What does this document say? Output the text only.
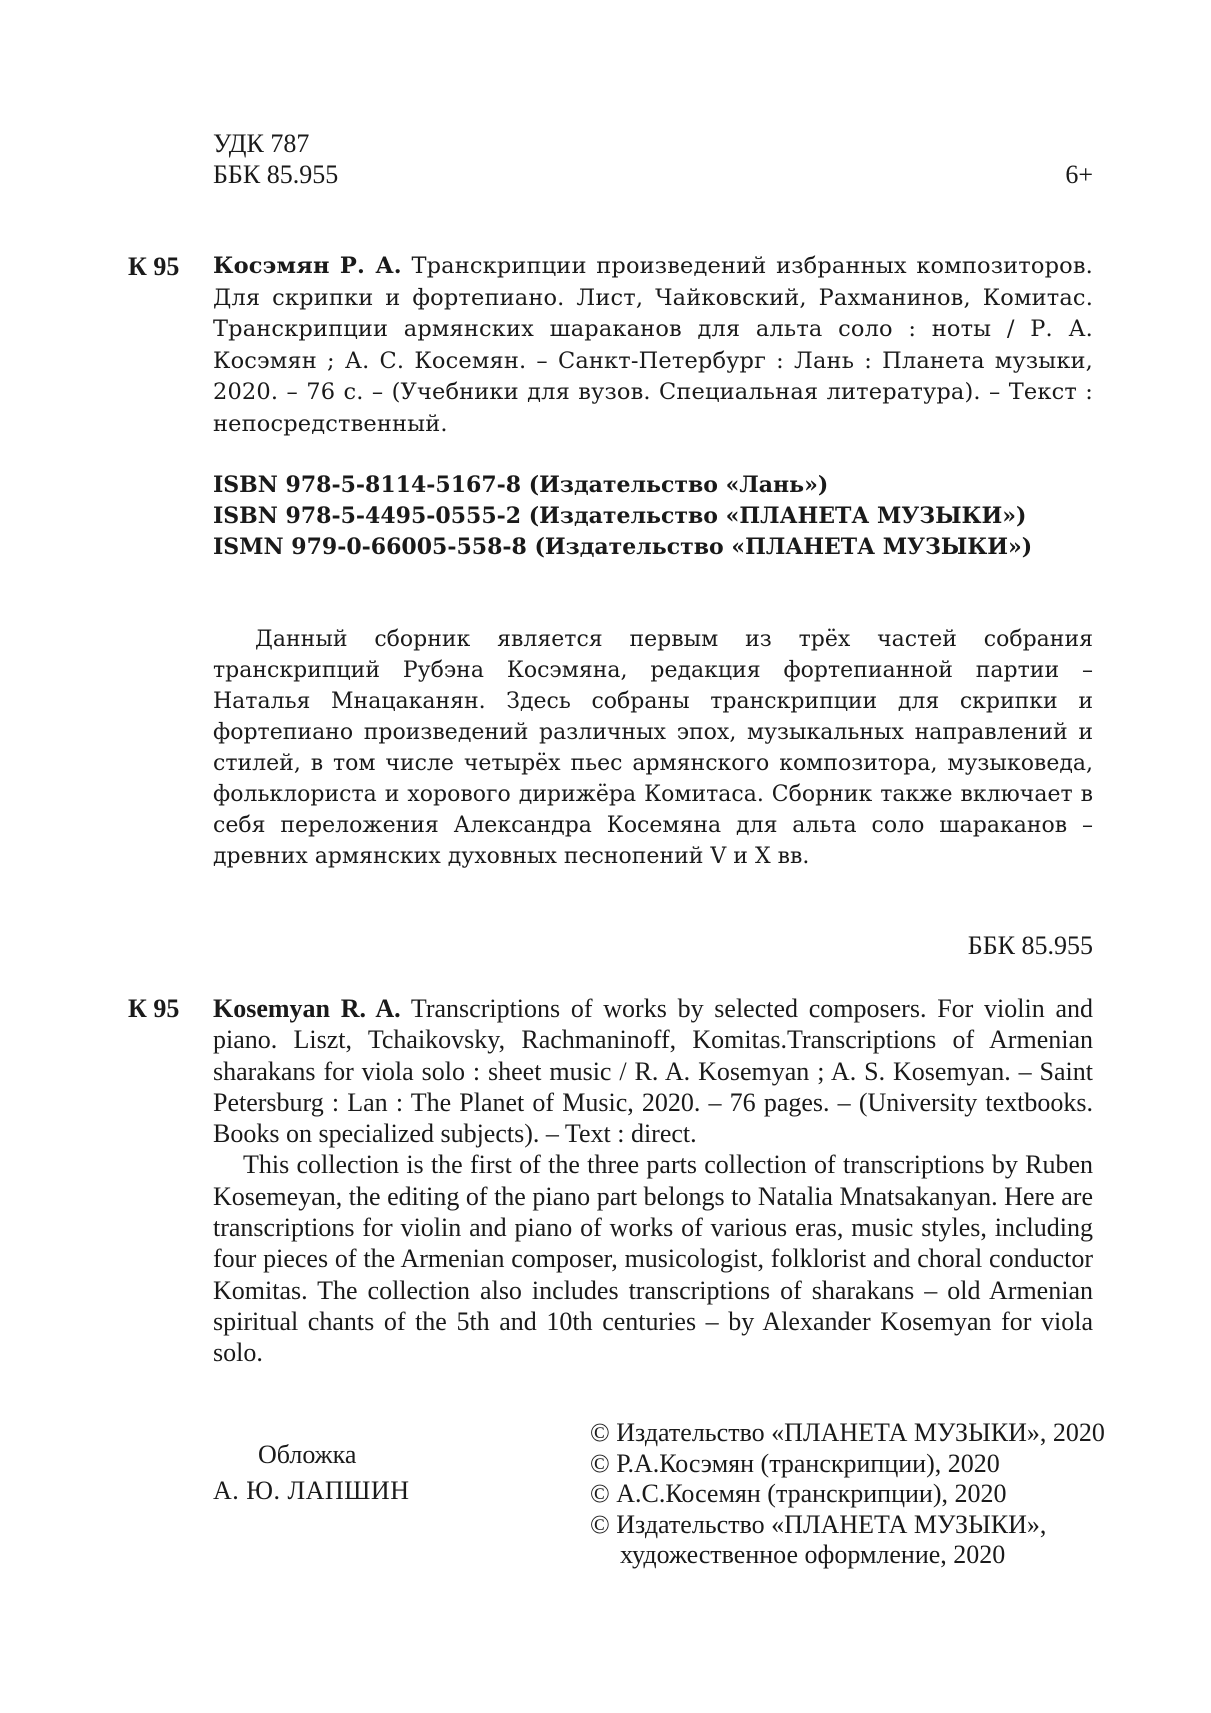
УДК 787
ББК 85.955	6+
К 95 Косэмян Р. А. Транскрипции произведений избранных композиторов. Для скрипки и фортепиано. Лист, Чайковский, Рахманинов, Комитас. Транскрипции армянских шараканов для альта соло : ноты / Р. А. Косэмян ; А. С. Косемян. – Санкт-Петербург : Лань : Планета музыки, 2020. – 76 с. – (Учебники для вузов. Специальная литература). – Текст : непосредственный.

ISBN 978-5-8114-5167-8 (Издательство «Лань»)
ISBN 978-5-4495-0555-2 (Издательство «ПЛАНЕТА МУЗЫКИ»)
ISMN 979-0-66005-558-8 (Издательство «ПЛАНЕТА МУЗЫКИ»)

Данный сборник является первым из трёх частей собрания транскрипций Рубэна Косэмяна, редакция фортепианной партии – Наталья Мнацаканян. Здесь собраны транскрипции для скрипки и фортепиано произведений различных эпох, музыкальных направлений и стилей, в том числе четырёх пьес армянского композитора, музыковеда, фольклориста и хорового дирижёра Комитаса. Сборник также включает в себя переложения Александра Косемяна для альта соло шараканов – древних армянских духовных песнопений V и X вв.

ББК 85.955
К 95 Kosemyan R. A. Transcriptions of works by selected composers. For violin and piano. Liszt, Tchaikovsky, Rachmaninoff, Komitas.Transcriptions of Armenian sharakans for viola solo : sheet music / R. A. Kosemyan ; A. S. Kosemyan. – Saint Petersburg : Lan : The Planet of Music, 2020. – 76 pages. – (University textbooks. Books on specialized subjects). – Text : direct.

This collection is the first of the three parts collection of transcriptions by Ruben Kosemeyan, the editing of the piano part belongs to Natalia Mnatsakanyan. Here are transcriptions for violin and piano of works of various eras, music styles, including four pieces of the Armenian composer, musicologist, folklorist and choral conductor Komitas. The collection also includes transcriptions of sharakans – old Armenian spiritual chants of the 5th and 10th centuries – by Alexander Kosemyan for viola solo.

Обложка
А. Ю. ЛАПШИН
© Издательство «ПЛАНЕТА МУЗЫКИ», 2020
© Р.А.Косэмян (транскрипции), 2020
© А.С.Косемян (транскрипции), 2020
© Издательство «ПЛАНЕТА МУЗЫКИ»,
художественное оформление, 2020
